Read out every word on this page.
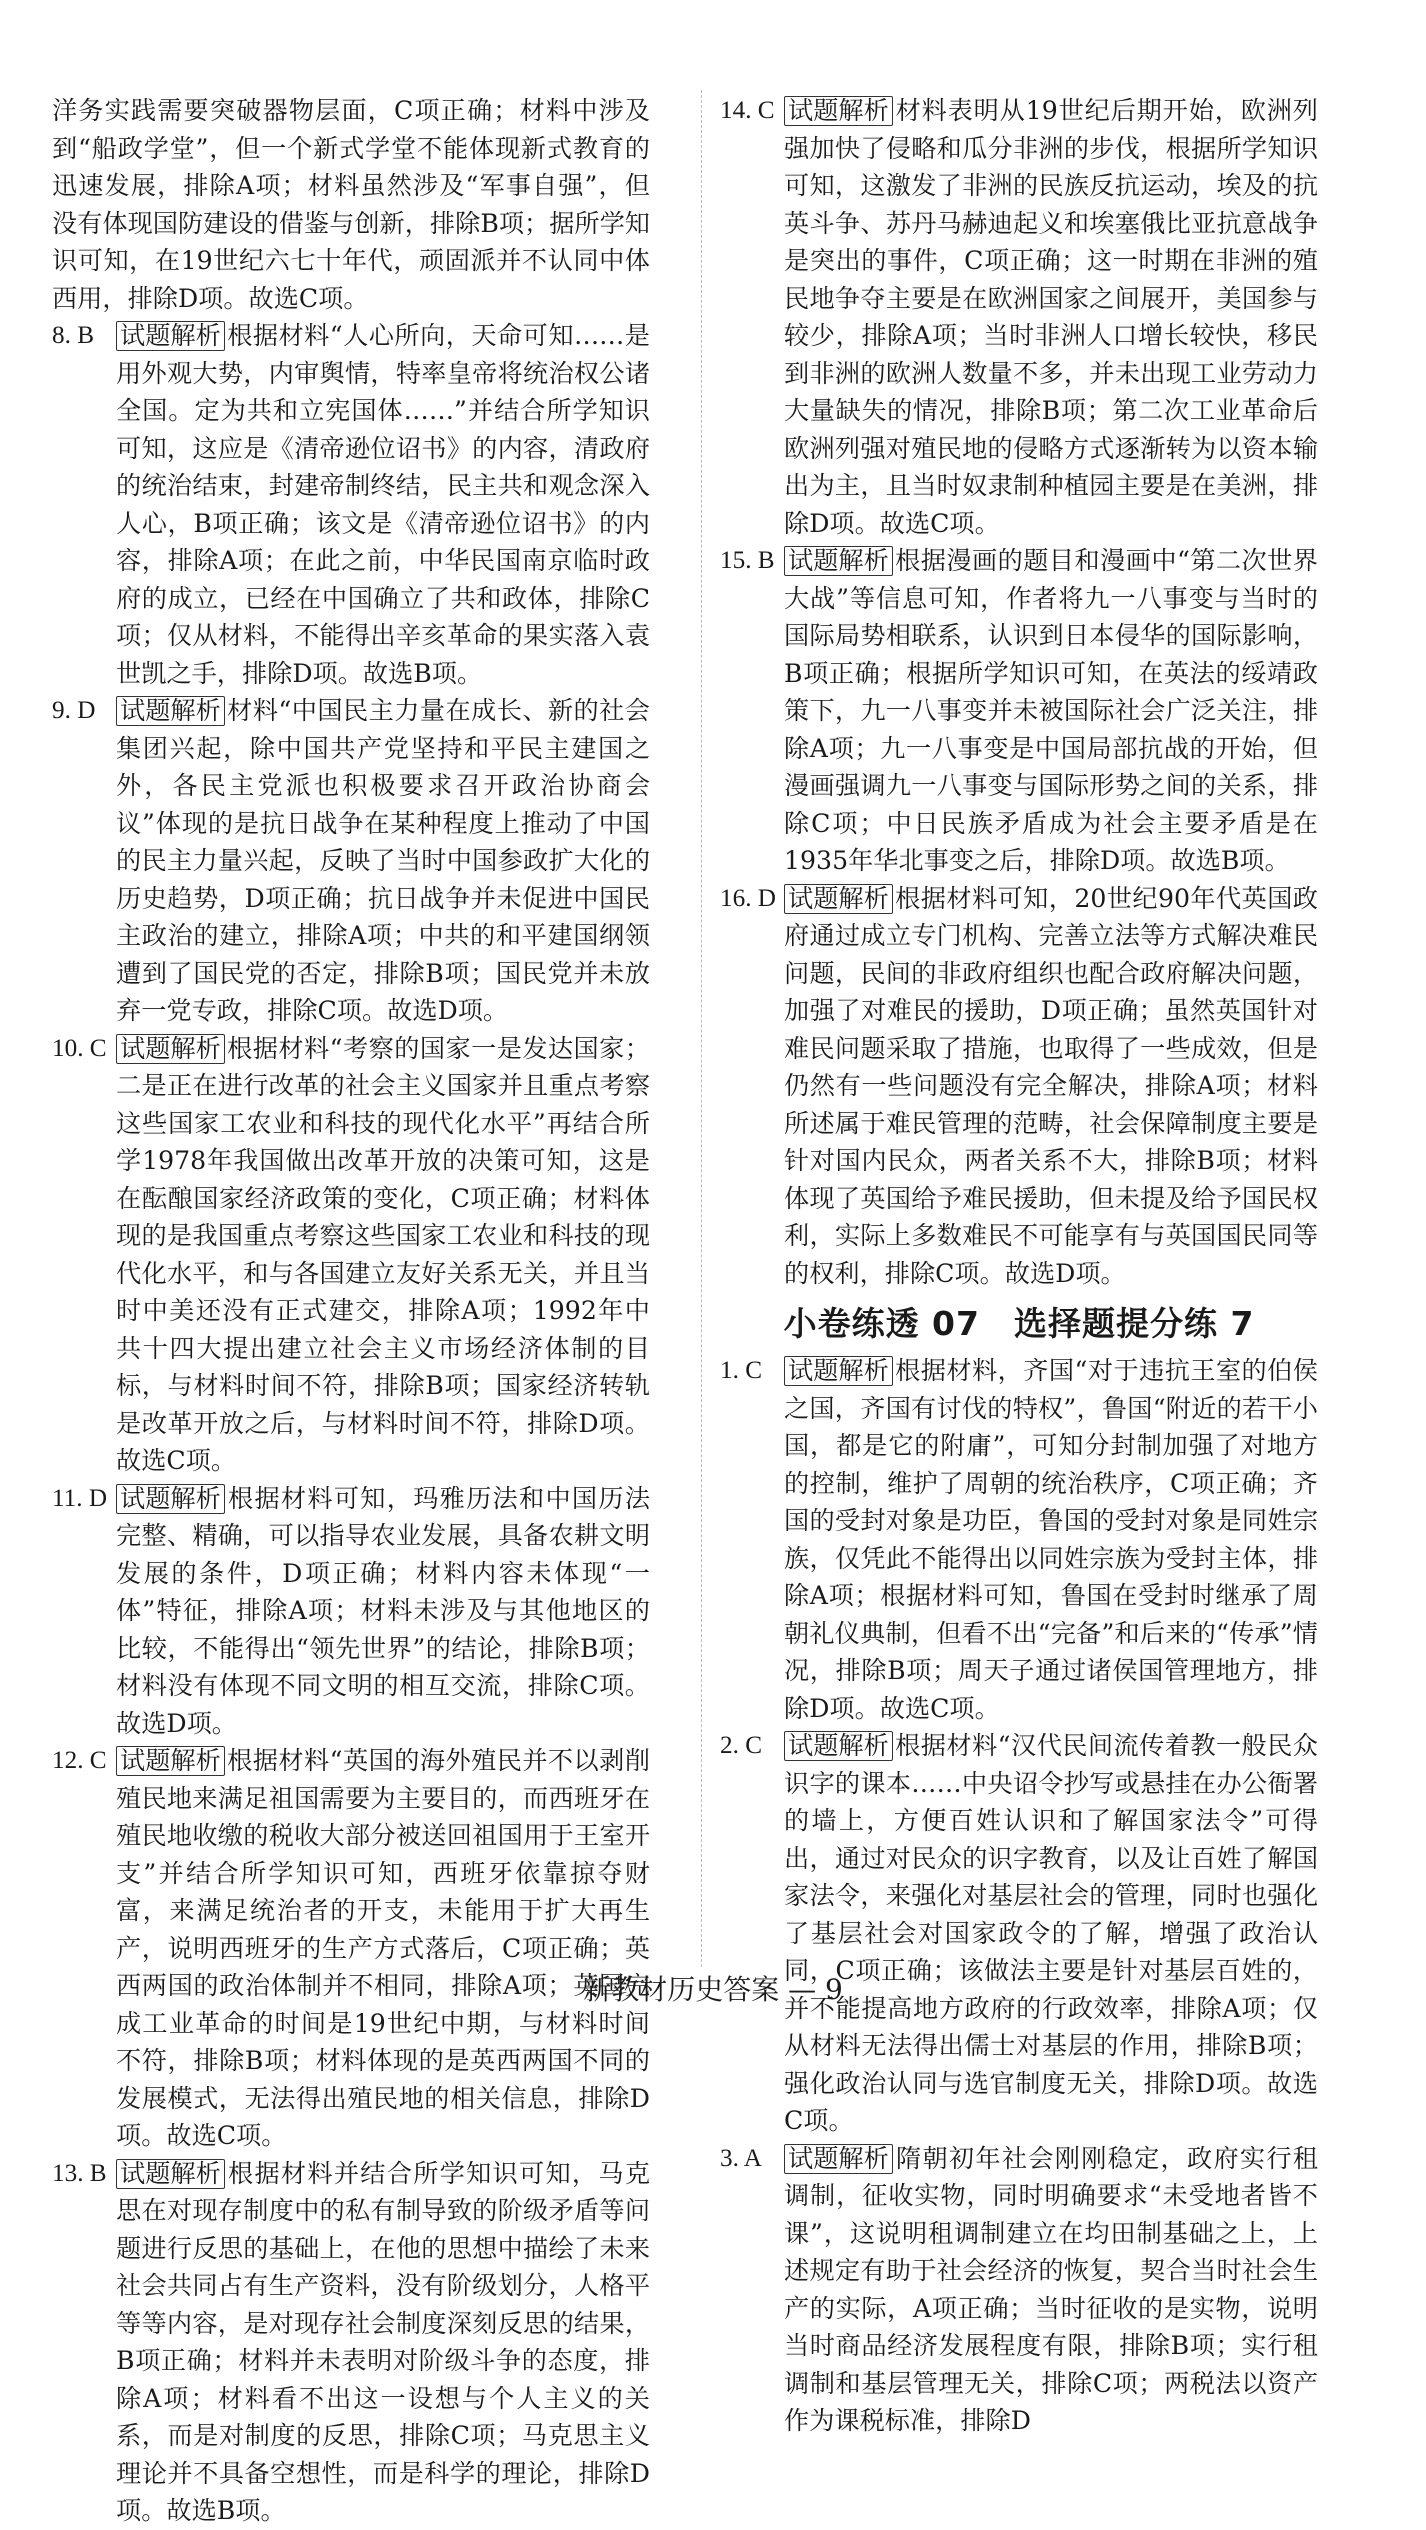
洋务实践需要突破器物层面，C项正确；材料中涉及到“船政学堂”，但一个新式学堂不能体现新式教育的迅速发展，排除A项；材料虽然涉及“军事自强”，但没有体现国防建设的借鉴与创新，排除B项；据所学知识可知，在19世纪六七十年代，顽固派并不认同中体西用，排除D项。故选C项。
8. B 试题解析 根据材料“人心所向，天命可知……是用外观大势，内审舆情，特率皇帝将统治权公诸全国。定为共和立宪国体……”并结合所学知识可知，这应是《清帝逊位诏书》的内容，清政府的统治结束，封建帝制终结，民主共和观念深入人心，B项正确；该文是《清帝逊位诏书》的内容，排除A项；在此之前，中华民国南京临时政府的成立，已经在中国确立了共和政体，排除C项；仅从材料，不能得出辛亥革命的果实落入袁世凯之手，排除D项。故选B项。
9. D 试题解析 材料“中国民主力量在成长、新的社会集团兴起，除中国共产党坚持和平民主建国之外，各民主党派也积极要求召开政治协商会议”体现的是抗日战争在某种程度上推动了中国的民主力量兴起，反映了当时中国参政扩大化的历史趋势，D项正确；抗日战争并未促进中国民主政治的建立，排除A项；中共的和平建国纲领遭到了国民党的否定，排除B项；国民党并未放弃一党专政，排除C项。故选D项。
10. C 试题解析 根据材料“考察的国家一是发达国家；二是正在进行改革的社会主义国家并且重点考察这些国家工农业和科技的现代化水平”再结合所学1978年我国做出改革开放的决策可知，这是在酝酿国家经济政策的变化，C项正确；材料体现的是我国重点考察这些国家工农业和科技的现代化水平，和与各国建立友好关系无关，并且当时中美还没有正式建交，排除A项；1992年中共十四大提出建立社会主义市场经济体制的目标，与材料时间不符，排除B项；国家经济转轨是改革开放之后，与材料时间不符，排除D项。故选C项。
11. D 试题解析 根据材料可知，玛雅历法和中国历法完整、精确，可以指导农业发展，具备农耕文明发展的条件，D项正确；材料内容未体现“一体”特征，排除A项；材料未涉及与其他地区的比较，不能得出“领先世界”的结论，排除B项；材料没有体现不同文明的相互交流，排除C项。故选D项。
12. C 试题解析 根据材料“英国的海外殖民并不以剥削殖民地来满足祖国需要为主要目的，而西班牙在殖民地收缴的税收大部分被送回祖国用于王室开支”并结合所学知识可知，西班牙依靠掠夺财富，来满足统治者的开支，未能用于扩大再生产，说明西班牙的生产方式落后，C项正确；英西两国的政治体制并不相同，排除A项；英国完成工业革命的时间是19世纪中期，与材料时间不符，排除B项；材料体现的是英西两国不同的发展模式，无法得出殖民地的相关信息，排除D项。故选C项。
13. B 试题解析 根据材料并结合所学知识可知，马克思在对现存制度中的私有制导致的阶级矛盾等问题进行反思的基础上，在他的思想中描绘了未来社会共同占有生产资料，没有阶级划分，人格平等等内容，是对现存社会制度深刻反思的结果，B项正确；材料并未表明对阶级斗争的态度，排除A项；材料看不出这一设想与个人主义的关系，而是对制度的反思，排除C项；马克思主义理论并不具备空想性，而是科学的理论，排除D项。故选B项。
14. C 试题解析 材料表明从19世纪后期开始，欧洲列强加快了侵略和瓜分非洲的步伐，根据所学知识可知，这激发了非洲的民族反抗运动，埃及的抗英斗争、苏丹马赫迪起义和埃塞俄比亚抗意战争是突出的事件，C项正确；这一时期在非洲的殖民地争夺主要是在欧洲国家之间展开，美国参与较少，排除A项；当时非洲人口增长较快，移民到非洲的欧洲人数量不多，并未出现工业劳动力大量缺失的情况，排除B项；第二次工业革命后欧洲列强对殖民地的侵略方式逐渐转为以资本输出为主，且当时奴隶制种植园主要是在美洲，排除D项。故选C项。
15. B 试题解析 根据漫画的题目和漫画中“第二次世界大战”等信息可知，作者将九一八事变与当时的国际局势相联系，认识到日本侵华的国际影响，B项正确；根据所学知识可知，在英法的绥靖政策下，九一八事变并未被国际社会广泛关注，排除A项；九一八事变是中国局部抗战的开始，但漫画强调九一八事变与国际形势之间的关系，排除C项；中日民族矛盾成为社会主要矛盾是在1935年华北事变之后，排除D项。故选B项。
16. D 试题解析 根据材料可知，20世纪90年代英国政府通过成立专门机构、完善立法等方式解决难民问题，民间的非政府组织也配合政府解决问题，加强了对难民的援助，D项正确；虽然英国针对难民问题采取了措施，也取得了一些成效，但是仍然有一些问题没有完全解决，排除A项；材料所述属于难民管理的范畴，社会保障制度主要是针对国内民众，两者关系不大，排除B项；材料体现了英国给予难民援助，但未提及给予国民权利，实际上多数难民不可能享有与英国国民同等的权利，排除C项。故选D项。
小卷练透 07　选择题提分练 7
1. C 试题解析 根据材料，齐国“对于违抗王室的伯侯之国，齐国有讨伐的特权”，鲁国“附近的若干小国，都是它的附庸”，可知分封制加强了对地方的控制，维护了周朝的统治秩序，C项正确；齐国的受封对象是功臣，鲁国的受封对象是同姓宗族，仅凭此不能得出以同姓宗族为受封主体，排除A项；根据材料可知，鲁国在受封时继承了周朝礼仪典制，但看不出“完备”和后来的“传承”情况，排除B项；周天子通过诸侯国管理地方，排除D项。故选C项。
2. C 试题解析 根据材料“汉代民间流传着教一般民众识字的课本……中央诏令抄写或悬挂在办公衙署的墙上，方便百姓认识和了解国家法令”可得出，通过对民众的识字教育，以及让百姓了解国家法令，来强化对基层社会的管理，同时也强化了基层社会对国家政令的了解，增强了政治认同，C项正确；该做法主要是针对基层百姓的，并不能提高地方政府的行政效率，排除A项；仅从材料无法得出儒士对基层的作用，排除B项；强化政治认同与选官制度无关，排除D项。故选C项。
3. A 试题解析 隋朝初年社会刚刚稳定，政府实行租调制，征收实物，同时明确要求“未受地者皆不课”，这说明租调制建立在均田制基础之上，上述规定有助于社会经济的恢复，契合当时社会生产的实际，A项正确；当时征收的是实物，说明当时商品经济发展程度有限，排除B项；实行租调制和基层管理无关，排除C项；两税法以资产作为课税标准，排除D
新教材历史答案 — 9
